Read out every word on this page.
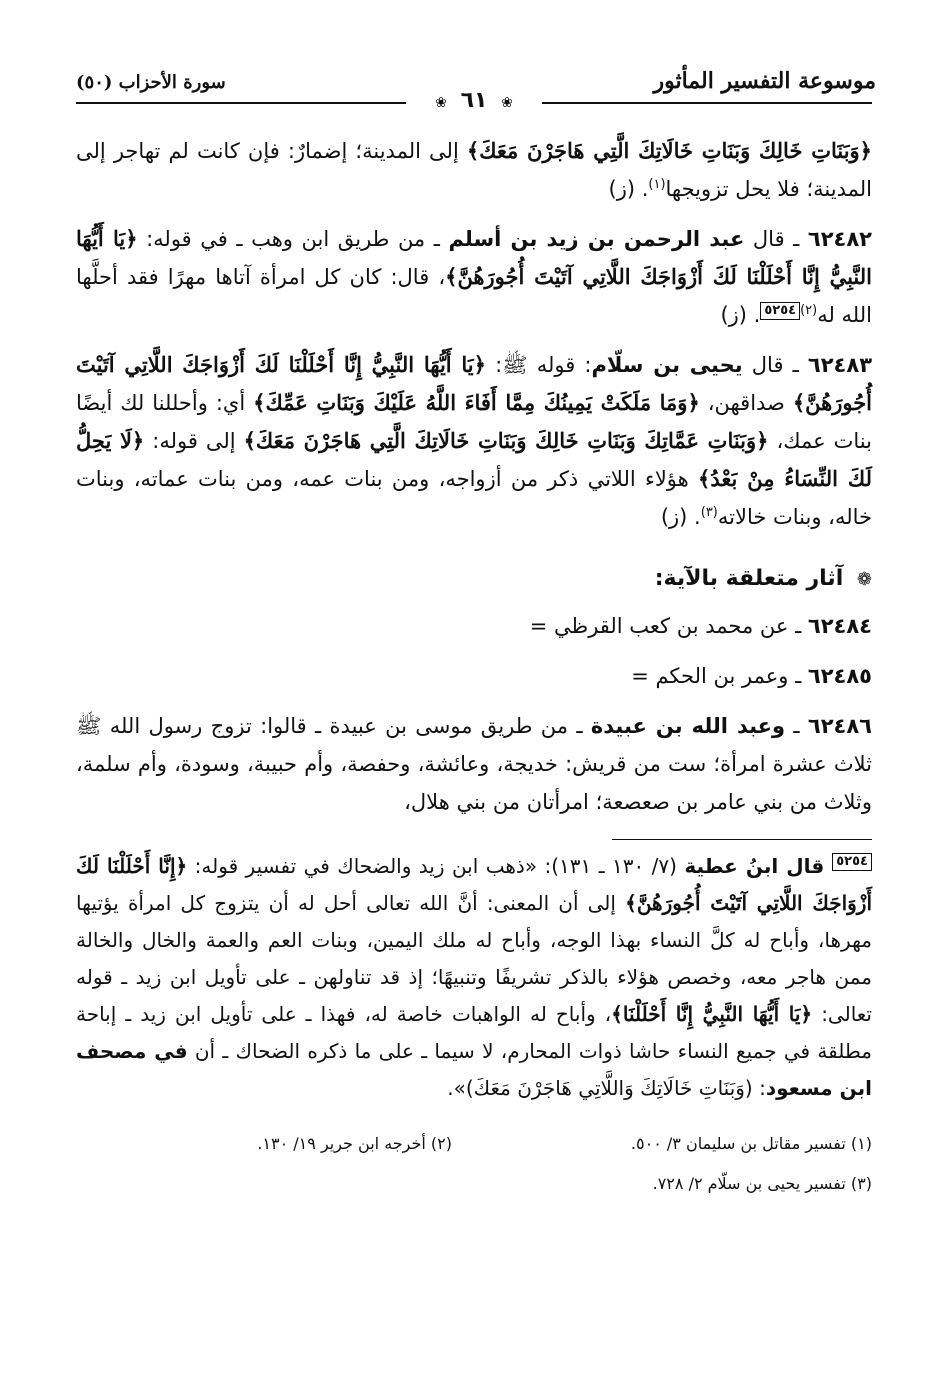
موسوعة التفسير المأثور
سورة الأحزاب (٥٠)
❀ ٦١ ❀

﴿وَبَنَاتِ خَالِكَ وَبَنَاتِ خَالَاتِكَ الَّتِي هَاجَرْنَ مَعَكَ﴾ إلى المدينة؛ إضمارٌ: فإن كانت لم تهاجر إلى المدينة؛ فلا يحل تزويجها$^{(١)}$. (ز)

٦٢٤٨٢ ـ قال عبد الرحمن بن زيد بن أسلم ـ من طريق ابن وهب ـ في قوله: ﴿يَا أَيُّهَا النَّبِيُّ إِنَّا أَحْلَلْنَا لَكَ أَزْوَاجَكَ اللَّاتِي آتَيْتَ أُجُورَهُنَّ﴾، قال: كان كل امرأة آتاها مهرًا فقد أحلَّها الله له$^{(٢)}$٥٢٥٤. (ز)

٦٢٤٨٣ ـ قال يحيى بن سلّام: قوله ﷺ: ﴿يَا أَيُّهَا النَّبِيُّ إِنَّا أَحْلَلْنَا لَكَ أَزْوَاجَكَ اللَّاتِي آتَيْتَ أُجُورَهُنَّ﴾ صداقهن، ﴿وَمَا مَلَكَتْ يَمِينُكَ مِمَّا أَفَاءَ اللَّهُ عَلَيْكَ وَبَنَاتِ عَمِّكَ﴾ أي: وأحللنا لك أيضًا بنات عمك، ﴿وَبَنَاتِ عَمَّاتِكَ وَبَنَاتِ خَالِكَ وَبَنَاتِ خَالَاتِكَ الَّتِي هَاجَرْنَ مَعَكَ﴾ إلى قوله: ﴿لَا يَحِلُّ لَكَ النِّسَاءُ مِنْ بَعْدُ﴾ هؤلاء اللاتي ذكر من أزواجه، ومن بنات عمه، ومن بنات عماته، وبنات خاله، وبنات خالاته$^{(٣)}$. (ز)

❁ آثار متعلقة بالآية:

٦٢٤٨٤ ـ عن محمد بن كعب القرظي =

٦٢٤٨٥ ـ وعمر بن الحكم =

٦٢٤٨٦ ـ وعبد الله بن عبيدة ـ من طريق موسى بن عبيدة ـ قالوا: تزوج رسول الله ﷺ ثلاث عشرة امرأة؛ ست من قريش: خديجة، وعائشة، وحفصة، وأم حبيبة، وسودة، وأم سلمة، وثلاث من بني عامر بن صعصعة؛ امرأتان من بني هلال،

٥٢٥٤ قال ابنُ عطية (٧/ ١٣٠ ـ ١٣١): «ذهب ابن زيد والضحاك في تفسير قوله: ﴿إِنَّا أَحْلَلْنَا لَكَ أَزْوَاجَكَ اللَّاتِي آتَيْتَ أُجُورَهُنَّ﴾ إلى أن المعنى: أنَّ الله تعالى أحل له أن يتزوج كل امرأة يؤتيها مهرها، وأباح له كلَّ النساء بهذا الوجه، وأباح له ملك اليمين، وبنات العم والعمة والخال والخالة ممن هاجر معه، وخصص هؤلاء بالذكر تشريفًا وتنبيهًا؛ إذ قد تناولهن ـ على تأويل ابن زيد ـ قوله تعالى: ﴿يَا أَيُّهَا النَّبِيُّ إِنَّا أَحْلَلْنَا﴾، وأباح له الواهبات خاصة له، فهذا ـ على تأويل ابن زيد ـ إباحة مطلقة في جميع النساء حاشا ذوات المحارم، لا سيما ـ على ما ذكره الضحاك ـ أن في مصحف ابن مسعود: (وَبَنَاتِ خَالَاتِكَ وَاللَّاتِي هَاجَرْنَ مَعَكَ)».
(١) تفسير مقاتل بن سليمان ٣/ ٥٠٠.
(٢) أخرجه ابن جرير ١٩/ ١٣٠.
(٣) تفسير يحيى بن سلّام ٢/ ٧٢٨.
